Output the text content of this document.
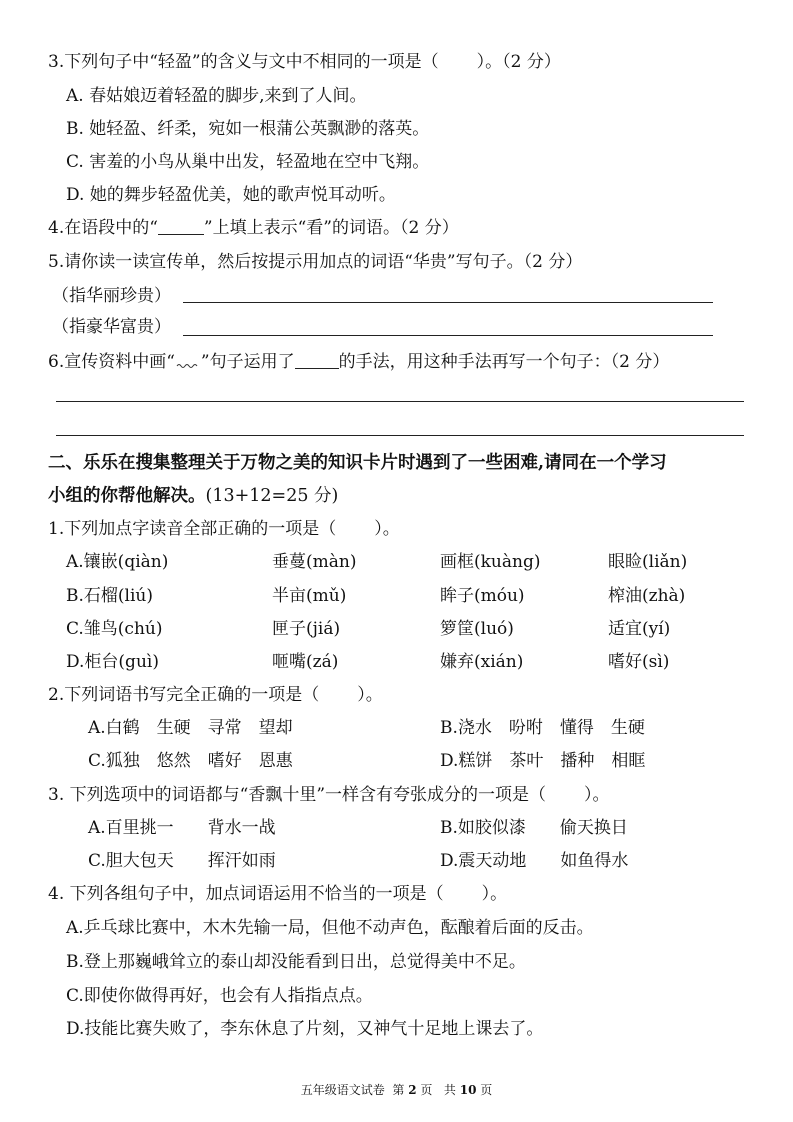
3.下列句子中“轻盈”的含义与文中不相同的一项是（ ）。（2 分）
A. 春姑娘迈着轻盈的脚步,来到了人间。
B. 她轻盈、纤柔，宛如一根蒲公英飘渺的落英。
C. 害羞的小鸟从巢中出发，轻盈地在空中飞翔。
D. 她的舞步轻盈优美，她的歌声悦耳动听。
4.在语段中的“	”上填上表示“看”的词语。（2 分）
5.请你读一读宣传单，然后按提示用加点的词语“华贵”写句子。（2 分）
（指华丽珍贵）
（指豪华富贵）
6.宣传资料中画“ ”句子运用了	的手法，用这种手法再写一个句子：（2 分）
二、乐乐在搜集整理关于万物之美的知识卡片时遇到了一些困难,请同在一个学习
小组的你帮他解决。(13+12=25 分)
1.下列加点字读音全部正确的一项是（ ）。
A.镶嵌(qiàn)	垂蔓(màn)	画框(kuàng)	眼睑(liǎn)
B.石榴(liú)	半亩(mǔ)	眸子(móu)	榨油(zhà)
C.雏鸟(chú)	匣子(jiá)	箩筐(luó)	适宜(yí)
D.柜台(guì)	咂嘴(zá)	嫌弃(xián)	嗜好(sì)
2.下列词语书写完全正确的一项是（ ）。
A.白鹤　生硬　寻常　望却	B.浇水　吩咐　懂得　生硬
C.狐独　悠然　嗜好　恩惠	D.糕饼　茶叶　播种　相眶
3. 下列选项中的词语都与“香飘十里”一样含有夸张成分的一项是（ ）。
A.百里挑一　　背水一战	B.如胶似漆　　偷天换日
C.胆大包天　　挥汗如雨	D.震天动地　　如鱼得水
4. 下列各组句子中，加点词语运用不恰当的一项是（ ）。
A.乒乓球比赛中，木木先输一局，但他不动声色，酝酿着后面的反击。
B.登上那巍峨耸立的泰山却没能看到日出，总觉得美中不足。
C.即使你做得再好，也会有人指指点点。
D.技能比赛失败了，李东休息了片刻，又神气十足地上课去了。
五年级语文试卷 第 2 页 共 10 页
